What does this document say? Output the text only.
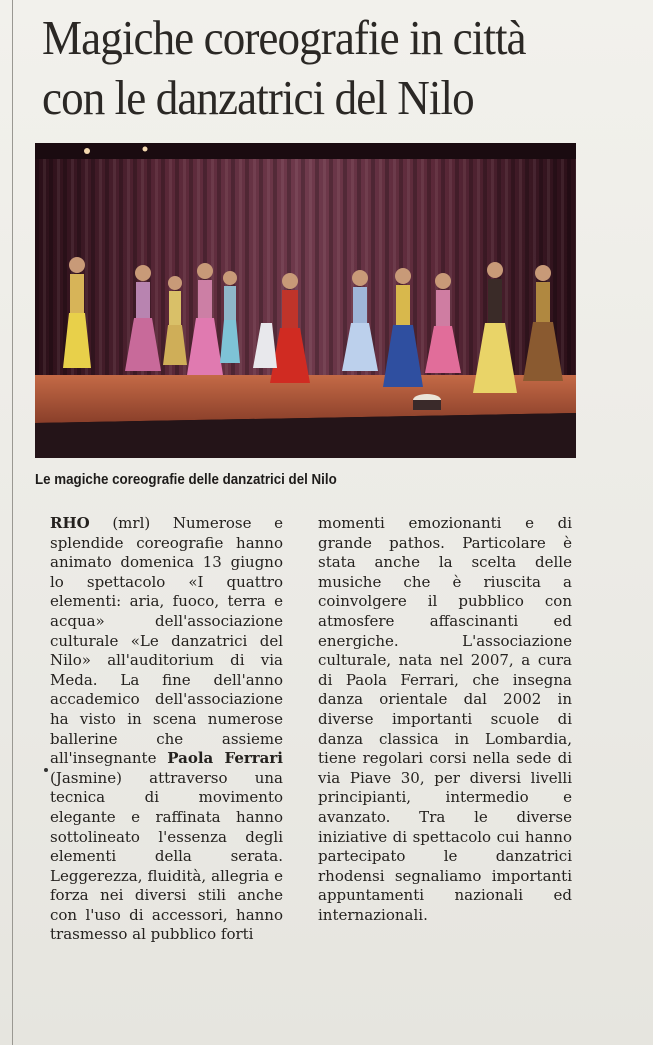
Magiche coreografie in città
con le danzatrici del Nilo
Le magiche coreografie delle danzatrici del Nilo

RHO (mrl) Numerose e splendide coreografie hanno animato domenica 13 giugno lo spettacolo «I quattro elementi: aria, fuoco, terra e acqua» dell'associazione culturale «Le danzatrici del Nilo» all'auditorium di via Meda. La fine dell'anno accademico dell'associazione ha visto in scena numerose ballerine che assieme all'insegnante Paola Ferrari (Jasmine) attraverso una tecnica di movimento elegante e raffinata hanno sottolineato l'essenza degli elementi della serata. Leggerezza, fluidità, allegria e forza nei diversi stili anche con l'uso di accessori, hanno trasmesso al pubblico forti

momenti emozionanti e di grande pathos. Particolare è stata anche la scelta delle musiche che è riuscita a coinvolgere il pubblico con atmosfere affascinanti ed energiche. L'associazione culturale, nata nel 2007, a cura di Paola Ferrari, che insegna danza orientale dal 2002 in diverse importanti scuole di danza classica in Lombardia, tiene regolari corsi nella sede di via Piave 30, per diversi livelli principianti, intermedio e avanzato. Tra le diverse iniziative di spettacolo cui hanno partecipato le danzatrici rhodensi segnaliamo importanti appuntamenti nazionali ed internazionali.
